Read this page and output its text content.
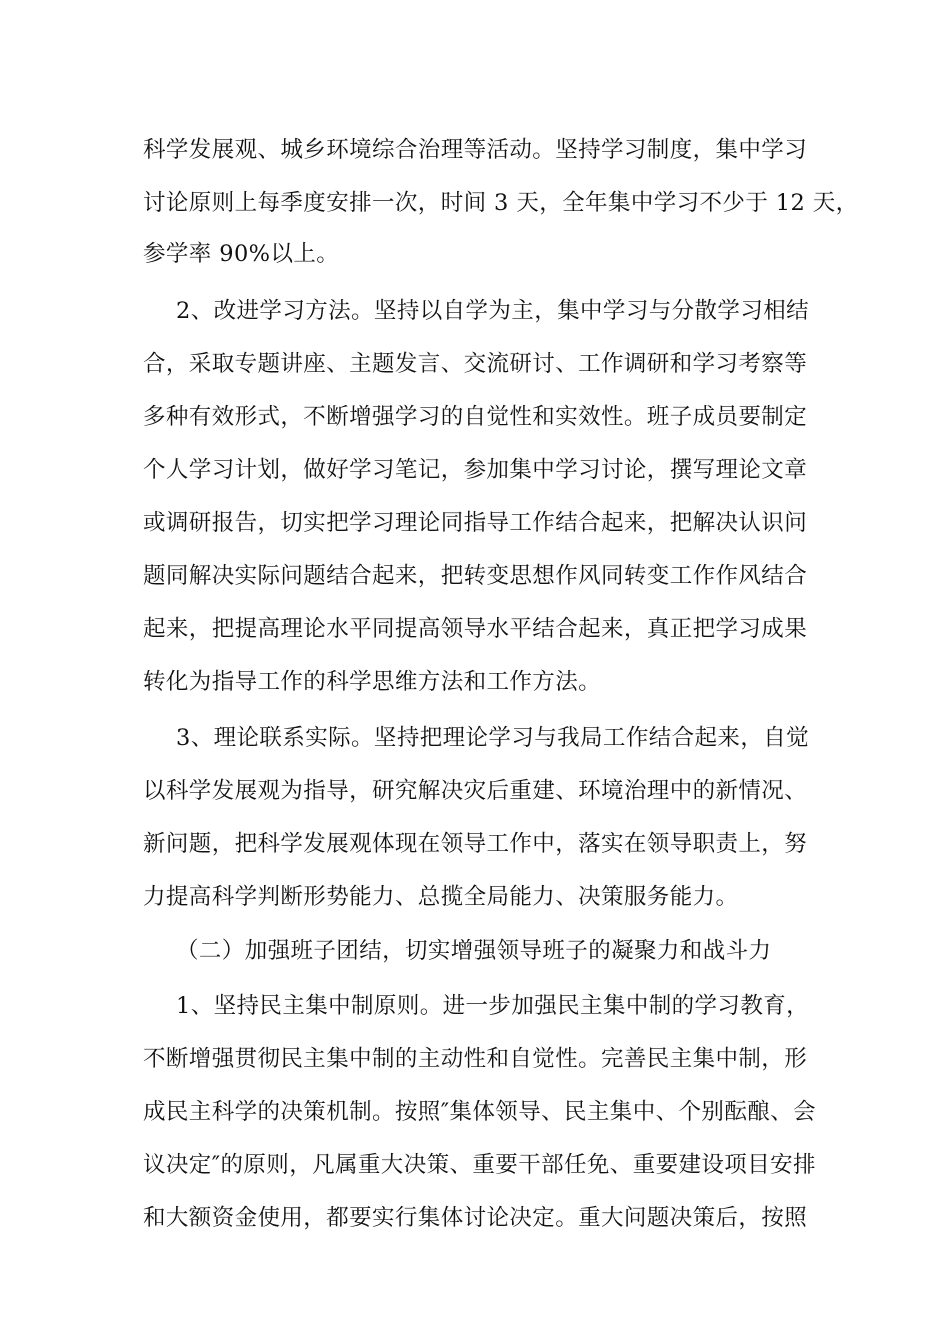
科学发展观、城乡环境综合治理等活动。坚持学习制度，集中学习
讨论原则上每季度安排一次，时间 3 天，全年集中学习不少于 12 天，
参学率 90%以上。
2、改进学习方法。坚持以自学为主，集中学习与分散学习相结
合，采取专题讲座、主题发言、交流研讨、工作调研和学习考察等
多种有效形式，不断增强学习的自觉性和实效性。班子成员要制定
个人学习计划，做好学习笔记，参加集中学习讨论，撰写理论文章
或调研报告，切实把学习理论同指导工作结合起来，把解决认识问
题同解决实际问题结合起来，把转变思想作风同转变工作作风结合
起来，把提高理论水平同提高领导水平结合起来，真正把学习成果
转化为指导工作的科学思维方法和工作方法。
3、理论联系实际。坚持把理论学习与我局工作结合起来，自觉
以科学发展观为指导，研究解决灾后重建、环境治理中的新情况、
新问题，把科学发展观体现在领导工作中，落实在领导职责上，努
力提高科学判断形势能力、总揽全局能力、决策服务能力。
（二）加强班子团结，切实增强领导班子的凝聚力和战斗力
1、坚持民主集中制原则。进一步加强民主集中制的学习教育，
不断增强贯彻民主集中制的主动性和自觉性。完善民主集中制，形
成民主科学的决策机制。按照″集体领导、民主集中、个别酝酿、会
议决定″的原则，凡属重大决策、重要干部任免、重要建设项目安排
和大额资金使用，都要实行集体讨论决定。重大问题决策后，按照
